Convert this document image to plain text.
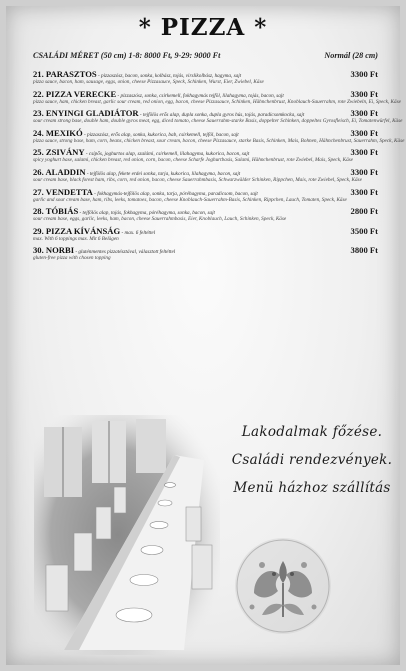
* PIZZA *
CSALÁDI MÉRET (50 cm) 1-8: 8000 Ft, 9-29: 9000 Ft	Normál (28 cm)
21. PARASZTOS - pizzaszósz, bacon, sonka, kolbász, tojás, virslikolbász, hagyma, sajt
pizza sauce, bacon, ham, sausage, eggs, onion, cheese Pizzasauce, Speck, Schinken, Wurst, Eier, Zwiebel, Käse
3300 Ft
22. PIZZA VERECKE - pizzaszósz, sonka, csirkemell, fokhagymás tejföl, lilahagyma, tojás, bacon, sajt
pizza sauce, ham, chicken breast, garlic sour cream, red onion, egg, bacon, cheese Pizzasauce, Schinken, Hähnchenbrust, Knoblauch-Sauerrahm, rote Zwiebeln, Ei, Speck, Käse
3300 Ft
23. ENYINGI GLADIÁTOR - tejfölös erős alap, dupla sonka, dupla gyros hús, tojás, paradicsomkocka, sajt
sour cream strong base, double ham, double gyros meat, egg, diced tomato, cheese Sauerrahm-starke Basis, doppelter Schinken, doppeltes Gyrosfleisch, Ei, Tomatenwürfel, Käse
3300 Ft
24. MEXIKÓ - pizzaszósz, erős alap, sonka, kukorica, bab, csirkemell, tejföl, bacon, sajt
pizza sauce, strong base, ham, corn, beans, chicken breast, sour cream, bacon, cheese Pizzasauce, starke Basis, Schinken, Mais, Bohnen, Hähnchenbrust, Sauerrahm, Speck, Käse
3300 Ft
25. ZSIVÁNY - csípős, joghurtos alap, szalámi, csirkemell, lilahagyma, kukorica, bacon, sajt
spicy yoghurt base, salami, chicken breast, red onion, corn, bacon, cheese Scharfe Joghurtbasis, Salami, Hähnchenbrust, rote Zwiebel, Mais, Speck, Käse
3300 Ft
26. ALADDIN - tejfölös alap, fekete erdei sonka, tarja, kukorica, lilahagyma, bacon, sajt
sour cream base, black forest ham, ribs, corn, red onion, bacon, cheese Sauerrahmbasis, Schwarzwälder Schinken, Rippchen, Mais, rote Zwiebel, Speck, Käse
3300 Ft
27. VENDETTA - fokhagymás-tejfölös alap, sonka, tarja, póréhagyma, paradicsom, bacon, sajt
garlic and sour cream base, ham, ribs, leeks, tomatoes, bacon, cheese Knoblauch-Sauerrahm-Basis, Schinken, Rippchen, Lauch, Tomaten, Speck, Käse
3300 Ft
28. TÓBIÁS - tejfölös alap, tojás, fokhagyma, póréhagyma, sonka, bacon, sajt
sour cream base, eggs, garlic, leeks, ham, bacon, cheese Sauerrahmbasis, Eier, Knoblauch, Lauch, Schinken, Speck, Käse
2800 Ft
29. PIZZA KÍVÁNSÁG - max. 6 feltéttel
max. With 6 toppings max. Mit 6 Belägen
3500 Ft
30. NORBI - gluténmentes pizzatésztával, választott feltéttel
gluten-free pizza with chosen topping
3800 Ft
Lakodalmak főzése.
Családi rendezvények.
Menü házhoz szállítás
